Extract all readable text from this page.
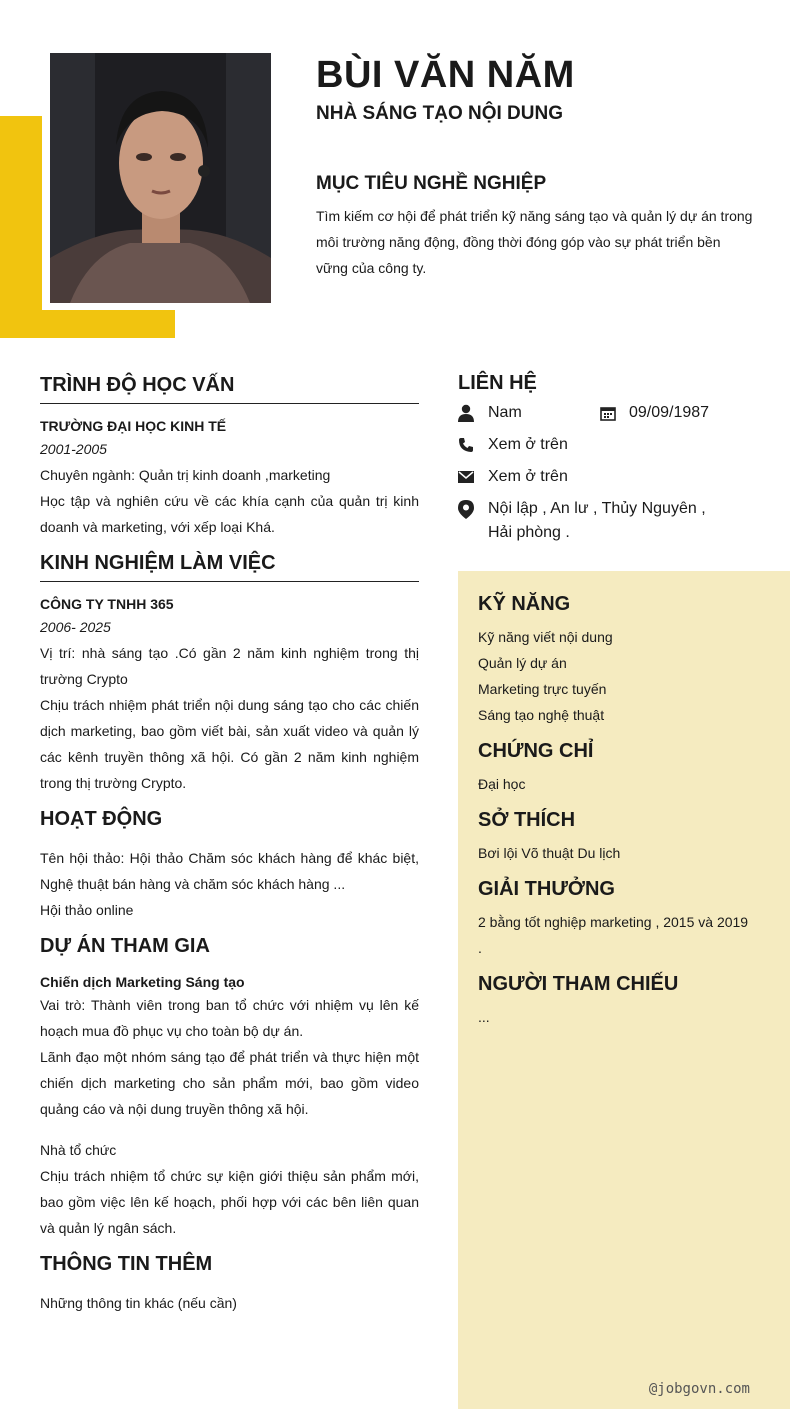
BÙI VĂN NĂM
NHÀ SÁNG TẠO NỘI DUNG
MỤC TIÊU NGHỀ NGHIỆP
Tìm kiếm cơ hội để phát triển kỹ năng sáng tạo và quản lý dự án trong môi trường năng động, đồng thời đóng góp vào sự phát triển bền vững của công ty.
TRÌNH ĐỘ HỌC VẤN
TRƯỜNG ĐẠI HỌC KINH TẾ
2001-2005
Chuyên ngành: Quản trị kinh doanh ,marketing
Học tập và nghiên cứu về các khía cạnh của quản trị kinh doanh và marketing, với xếp loại Khá.
KINH NGHIỆM LÀM VIỆC
CÔNG TY TNHH 365
2006- 2025
Vị trí: nhà sáng tạo .Có gần 2 năm kinh nghiệm trong thị trường Crypto
Chịu trách nhiệm phát triển nội dung sáng tạo cho các chiến dịch marketing, bao gồm viết bài, sản xuất video và quản lý các kênh truyền thông xã hội. Có gần 2 năm kinh nghiệm trong thị trường Crypto.
HOẠT ĐỘNG
Tên hội thảo: Hội thảo Chăm sóc khách hàng để khác biệt, Nghệ thuật bán hàng và chăm sóc khách hàng ...
Hội thảo online
DỰ ÁN THAM GIA
Chiến dịch Marketing Sáng tạo
Vai trò: Thành viên trong ban tổ chức với nhiệm vụ lên kế hoạch mua đồ phục vụ cho toàn bộ dự án.
Lãnh đạo một nhóm sáng tạo để phát triển và thực hiện một chiến dịch marketing cho sản phẩm mới, bao gồm video quảng cáo và nội dung truyền thông xã hội.
Nhà tổ chức
Chịu trách nhiệm tổ chức sự kiện giới thiệu sản phẩm mới, bao gồm việc lên kế hoạch, phối hợp với các bên liên quan và quản lý ngân sách.
THÔNG TIN THÊM
Những thông tin khác (nếu cần)
LIÊN HỆ
Nam	09/09/1987
Xem ở trên
Xem ở trên
Nội lập , An lư , Thủy Nguyên , Hải phòng .
KỸ NĂNG
Kỹ năng viết nội dung
Quản lý dự án
Marketing trực tuyến
Sáng tạo nghệ thuật
CHỨNG CHỈ
Đại học
SỞ THÍCH
Bơi lội Võ thuật Du lịch
GIẢI THƯỞNG
2 bằng tốt nghiệp marketing , 2015 và 2019
.
NGƯỜI THAM CHIẾU
...
@jobgovn.com
